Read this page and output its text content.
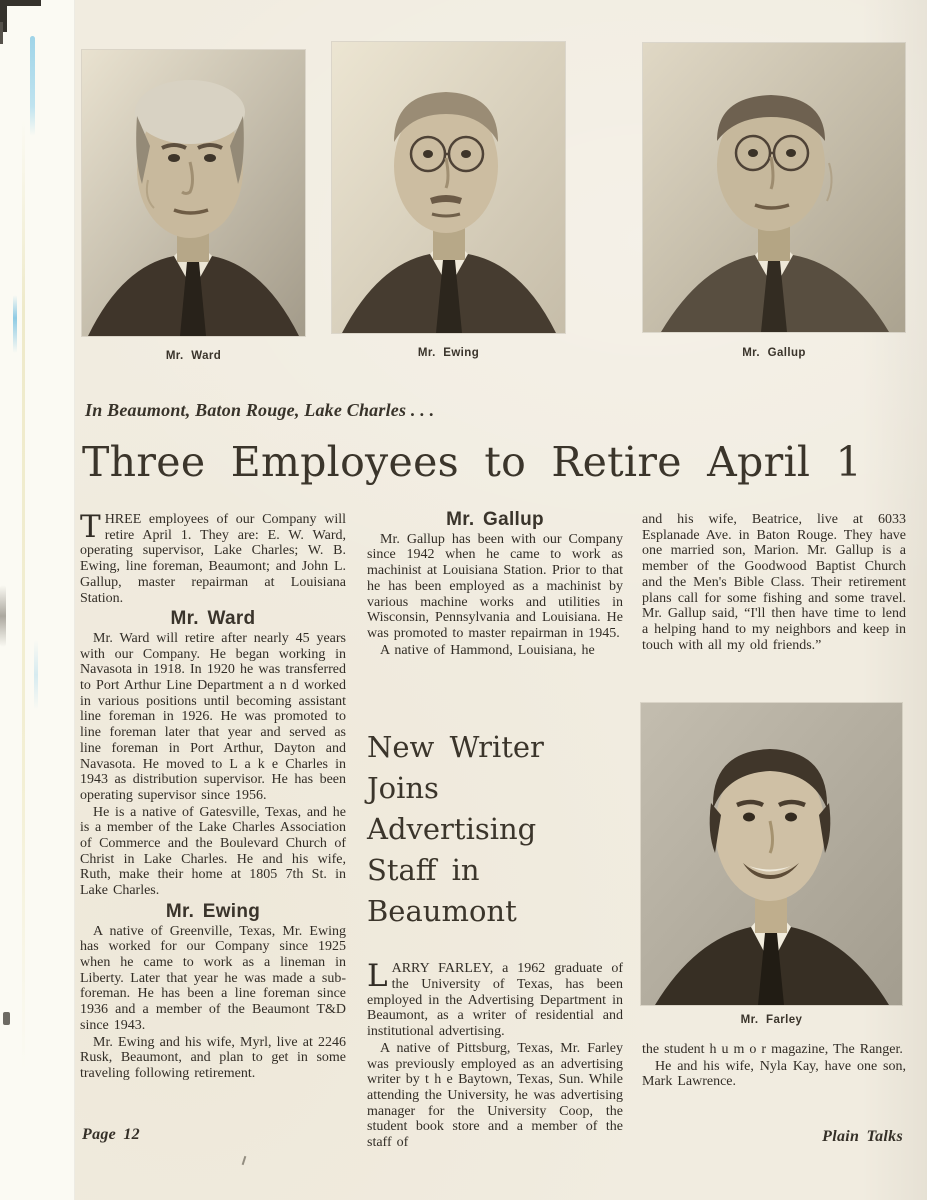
Mr. Ward	Mr. Ewing	Mr. Gallup
In Beaumont, Baton Rouge, Lake Charles . . .
Three Employees to Retire April 1

THREE employees of our Company will retire April 1. They are: E. W. Ward, operating supervisor, Lake Charles; W. B. Ewing, line foreman, Beaumont; and John L. Gallup, master repairman at Louisiana Station.

Mr. Ward

Mr. Ward will retire after nearly 45 years with our Company. He began working in Navasota in 1918. In 1920 he was transferred to Port Arthur Line Department a n d worked in various positions until becoming assistant line foreman in 1926. He was promoted to line foreman later that year and served as line foreman in Port Arthur, Dayton and Navasota. He moved to L a k e Charles in 1943 as distribution supervisor. He has been operating supervisor since 1956.

He is a native of Gatesville, Texas, and he is a member of the Lake Charles Association of Commerce and the Boulevard Church of Christ in Lake Charles. He and his wife, Ruth, make their home at 1805 7th St. in Lake Charles.

Mr. Ewing

A native of Greenville, Texas, Mr. Ewing has worked for our Company since 1925 when he came to work as a lineman in Liberty. Later that year he was made a sub-foreman. He has been a line foreman since 1936 and a member of the Beaumont T&D since 1943.

Mr. Ewing and his wife, Myrl, live at 2246 Rusk, Beaumont, and plan to get in some traveling following retirement.

Mr. Gallup

Mr. Gallup has been with our Company since 1942 when he came to work as machinist at Louisiana Station. Prior to that he has been employed as a machinist by various machine works and utilities in Wisconsin, Pennsylvania and Louisiana. He was promoted to master repairman in 1945.

A native of Hammond, Louisiana, he

New Writer
Joins Advertising
Staff in Beaumont

LARRY FARLEY, a 1962 graduate of the University of Texas, has been employed in the Advertising Department in Beaumont, as a writer of residential and institutional advertising.

A native of Pittsburg, Texas, Mr. Farley was previously employed as an advertising writer by t h e Baytown, Texas, Sun. While attending the University, he was advertising manager for the University Coop, the student book store and a member of the staff of

and his wife, Beatrice, live at 6033 Esplanade Ave. in Baton Rouge. They have one married son, Marion. Mr. Gallup is a member of the Goodwood Baptist Church and the Men's Bible Class. Their retirement plans call for some fishing and some travel. Mr. Gallup said, “I'll then have time to lend a helping hand to my neighbors and keep in touch with all my old friends.”

Mr. Farley

the student h u m o r magazine, The Ranger.

He and his wife, Nyla Kay, have one son, Mark Lawrence.

Page 12	Plain Talks
